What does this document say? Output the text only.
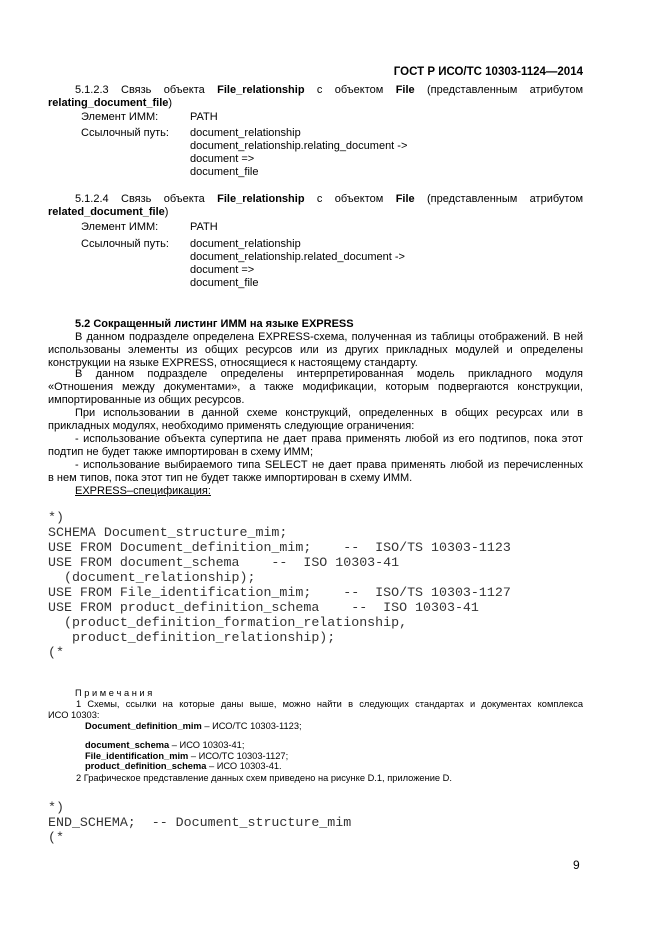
ГОСТ Р ИСО/ТС 10303-1124—2014
5.1.2.3 Связь объекта File_relationship с объектом File (представленным атрибутом
relating_document_file)
Элемент ИММ:	PATH
Ссылочный путь: document_relationship
document_relationship.relating_document ->
document =>
document_file
5.1.2.4 Связь объекта File_relationship с объектом File (представленным атрибутом
related_document_file)
Элемент ИММ:	PATH
Ссылочный путь: document_relationship
document_relationship.related_document ->
document =>
document_file
5.2 Сокращенный листинг ИММ на языке EXPRESS
В данном подразделе определена EXPRESS-схема, полученная из таблицы отображений. В ней
использованы элементы из общих ресурсов или из других прикладных модулей и определены
конструкции на языке EXPRESS, относящиеся к настоящему стандарту.
В данном подразделе определены интерпретированная модель прикладного модуля
«Отношения между документами», а также модификации, которым подвергаются конструкции,
импортированные из общих ресурсов.
При использовании в данной схеме конструкций, определенных в общих ресурсах или в
прикладных модулях, необходимо применять следующие ограничения:
- использование объекта супертипа не дает права применять любой из его подтипов, пока этот
подтип не будет также импортирован в схему ИММ;
- использование выбираемого типа SELECT не дает права применять любой из перечисленных
в нем типов, пока этот тип не будет также импортирован в схему ИММ.
EXPRESS–спецификация:
*)
SCHEMA Document_structure_mim;
USE FROM Document_definition_mim;    --  ISO/TS 10303-1123
USE FROM document_schema    --  ISO 10303-41
(document_relationship);
USE FROM File_identification_mim;    --  ISO/TS 10303-1127
USE FROM product_definition_schema    --  ISO 10303-41
(product_definition_formation_relationship,
product_definition_relationship);
(*
П р и м е ч а н и я
1 Схемы, ссылки на которые даны выше, можно найти в следующих стандартах и документах комплекса
ИСО 10303:
Document_definition_mim – ИСО/ТС 10303-1123;
document_schema – ИСО 10303-41;
File_identification_mim – ИСО/ТС 10303-1127;
product_definition_schema – ИСО 10303-41.
2 Графическое представление данных схем приведено на рисунке D.1, приложение D.
*)
END_SCHEMA;  -- Document_structure_mim
(*
9
